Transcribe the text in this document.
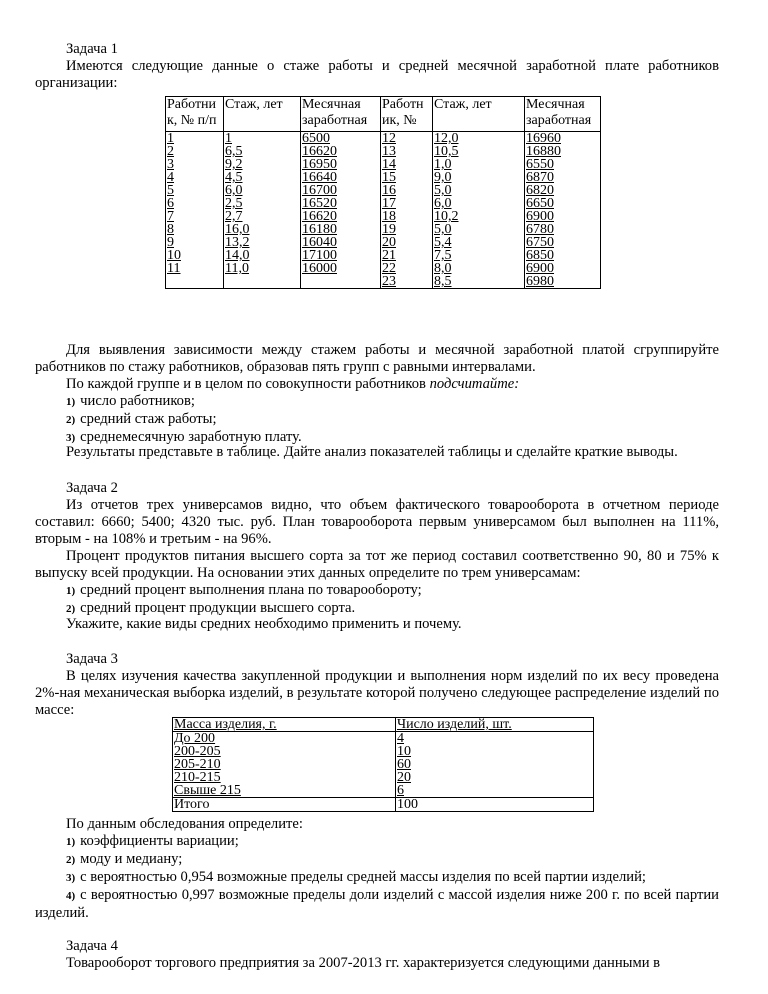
Задача 1

Имеются следующие данные о стаже работы и средней месячной заработной плате работников организации:

Работни к, № п/п	Стаж, лет	Месячная заработная	Работн ик, №	Стаж, лет	Месячная заработная
1	1	6500	12	12,0	16960
2	6,5	16620	13	10,5	16880
3	9,2	16950	14	1,0	6550
4	4,5	16640	15	9,0	6870
5	6,0	16700	16	5,0	6820
6	2,5	16520	17	6,0	6650
7	2,7	16620	18	10,2	6900
8	16,0	16180	19	5,0	6780
9	13,2	16040	20	5,4	6750
10	14,0	17100	21	7,5	6850
11	11,0	16000	22	8,0	6900
			23	8,5	6980

Для выявления зависимости между стажем работы и месячной заработной платой сгруппируйте работников по стажу работников, образовав пять групп с равными интервалами.

По каждой группе и в целом по совокупности работников подсчитайте:

1) число работников;

2) средний стаж работы;

3) среднемесячную заработную плату.

Результаты представьте в таблице. Дайте анализ показателей таблицы и сделайте краткие выводы.

Задача 2

Из отчетов трех универсамов видно, что объем фактического товарооборота в отчетном периоде составил: 6660; 5400; 4320 тыс. руб. План товарооборота первым универсамом был выполнен на 111%, вторым - на 108% и третьим - на 96%.

Процент продуктов питания высшего сорта за тот же период составил соответственно 90, 80 и 75% к выпуску всей продукции. На основании этих данных определите по трем универсамам:

1) средний процент выполнения плана по товарообороту;

2) средний процент продукции высшего сорта.

Укажите, какие виды средних необходимо применить и почему.

Задача 3

В целях изучения качества закупленной продукции и выполнения норм изделий по их весу проведена 2%-ная механическая выборка изделий, в результате которой получено следующее распределение изделий по массе:

Масса изделия, г.	Число изделий, шт.
До 200	4
200-205	10
205-210	60
210-215	20
Свыше 215	6
Итого	100

По данным обследования определите:

1) коэффициенты вариации;

2) моду и медиану;

3) с вероятностью 0,954 возможные пределы средней массы изделия по всей партии изделий;

4) с вероятностью 0,997 возможные пределы доли изделий с массой изделия ниже 200 г. по всей партии изделий.

Задача 4

Товарооборот торгового предприятия за 2007-2013 гг. характеризуется следующими данными в
